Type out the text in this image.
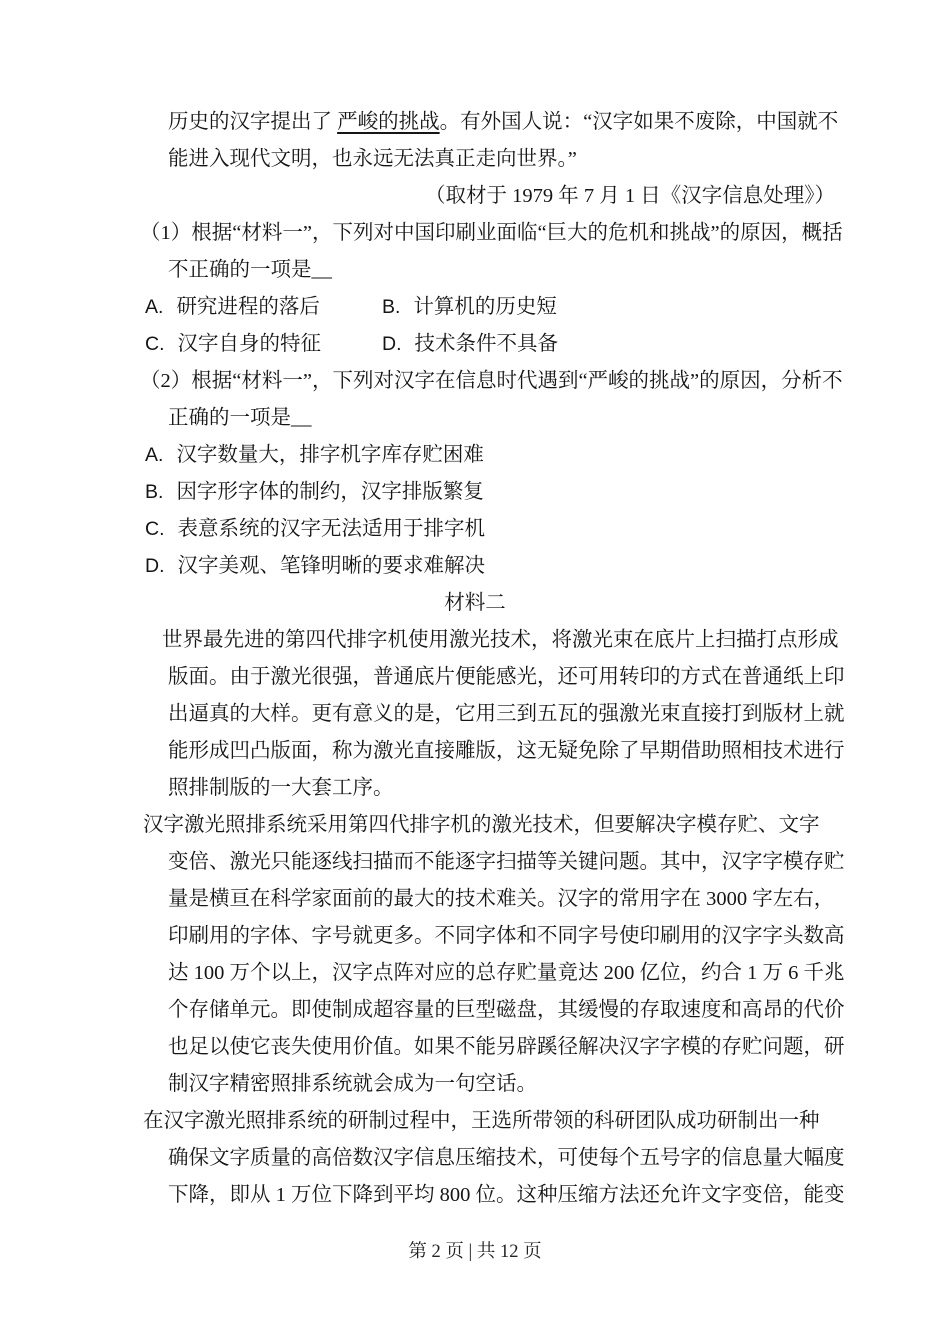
历史的汉字提出了 严峻的挑战。有外国人说：“汉字如果不废除，中国就不
能进入现代文明，也永远无法真正走向世界。”
（取材于 1979 年 7 月 1 日《汉字信息处理》）
（1）根据“材料一”，下列对中国印刷业面临“巨大的危机和挑战”的原因，概括
不正确的一项是__
A. 研究进程的落后	B. 计算机的历史短
C. 汉字自身的特征	D. 技术条件不具备
（2）根据“材料一”，下列对汉字在信息时代遇到“严峻的挑战”的原因，分析不
正确的一项是__
A. 汉字数量大，排字机字库存贮困难
B. 因字形字体的制约，汉字排版繁复
C. 表意系统的汉字无法适用于排字机
D. 汉字美观、笔锋明晰的要求难解决
材料二
世界最先进的第四代排字机使用激光技术，将激光束在底片上扫描打点形成
版面。由于激光很强，普通底片便能感光，还可用转印的方式在普通纸上印
出逼真的大样。更有意义的是，它用三到五瓦的强激光束直接打到版材上就
能形成凹凸版面，称为激光直接雕版，这无疑免除了早期借助照相技术进行
照排制版的一大套工序。
汉字激光照排系统采用第四代排字机的激光技术，但要解决字模存贮、文字
变倍、激光只能逐线扫描而不能逐字扫描等关键问题。其中，汉字字模存贮
量是横亘在科学家面前的最大的技术难关。汉字的常用字在 3000 字左右，
印刷用的字体、字号就更多。不同字体和不同字号使印刷用的汉字字头数高
达 100 万个以上，汉字点阵对应的总存贮量竟达 200 亿位，约合 1 万 6 千兆
个存储单元。即使制成超容量的巨型磁盘，其缓慢的存取速度和高昂的代价
也足以使它丧失使用价值。如果不能另辟蹊径解决汉字字模的存贮问题，研
制汉字精密照排系统就会成为一句空话。
在汉字激光照排系统的研制过程中，王选所带领的科研团队成功研制出一种
确保文字质量的高倍数汉字信息压缩技术，可使每个五号字的信息量大幅度
下降，即从 1 万位下降到平均 800 位。这种压缩方法还允许文字变倍，能变
第 2 页 | 共 12 页
